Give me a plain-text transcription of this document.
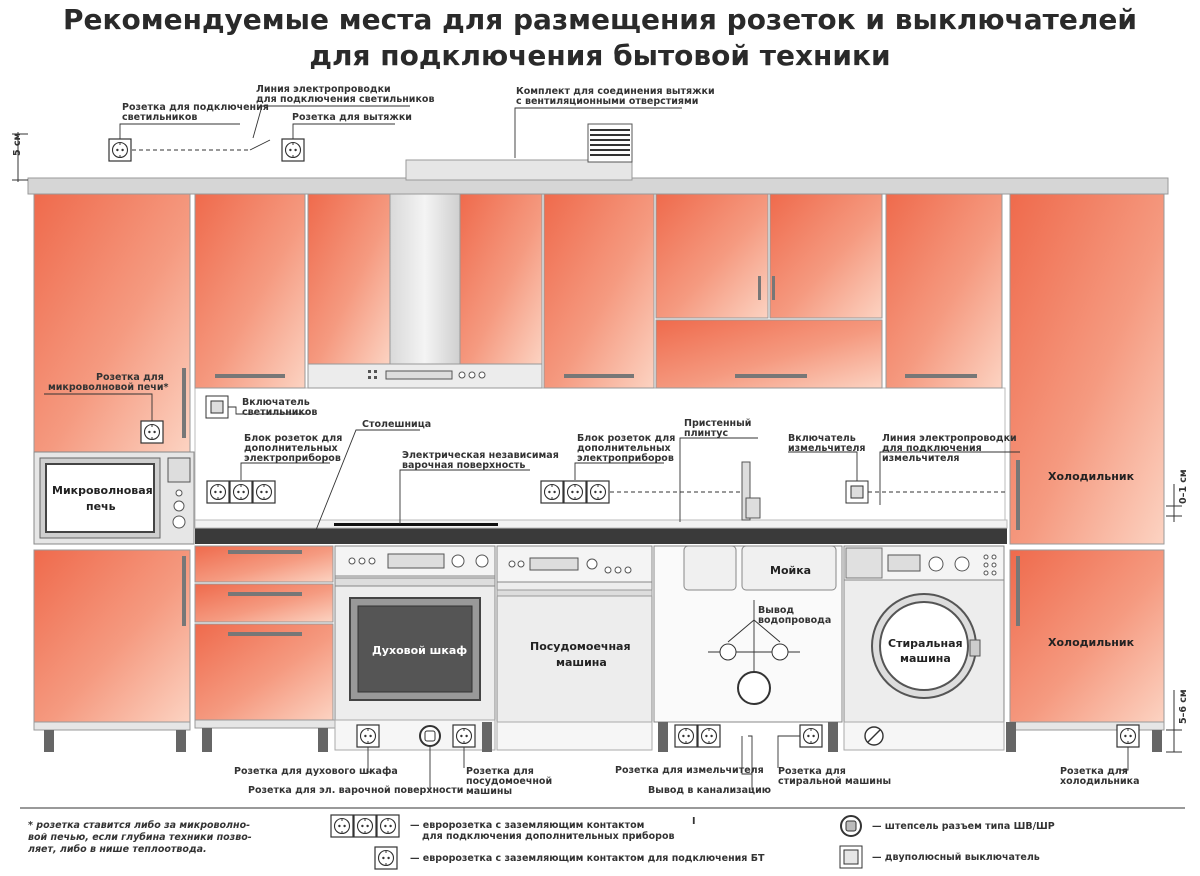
Рекомендуемые места для размещения розеток и выключателей
для подключения бытовой техники
Холодильник
Холодильник
Микроволновая
печь
Духовой шкаф	Посудомоечная
машина
Мойка
Стиральная
машина
Розетка для подключения
светильников
Линия электропроводки
для подключения светильников
Розетка для вытяжки
Комплект для соединения вытяжки
с вентиляционными отверстиями
Розетка для
микроволновой печи*
Включатель
светильников
Столешница
Блок розеток для
дополнительных
электроприборов	Электрическая независимая
варочная поверхность
Блок розеток для
дополнительных
электроприборов
Пристенный
плинтус	Включатель
измельчителя
Линия электропроводки
для подключения
измельчителя
Вывод
водопровода
Розетка для духового шкафа
Розетка для эл. варочной поверхности
Розетка для
посудомоечной
машины
Розетка для измельчителя
Вывод в канализацию
Розетка для
стиральной машины
Розетка для
холодильника
5 см
0–1 см
5–6 см
* розетка ставится либо за микроволно-
вой печью, если глубина техники позво-
ляет, либо в нише теплоотвода.
— евророзетка с заземляющим контактом
для подключения дополнительных приборов
— евророзетка с заземляющим контактом для подключения БТ
I	— штепсель разъем типа ШВ/ШР
— двуполюсный выключатель
